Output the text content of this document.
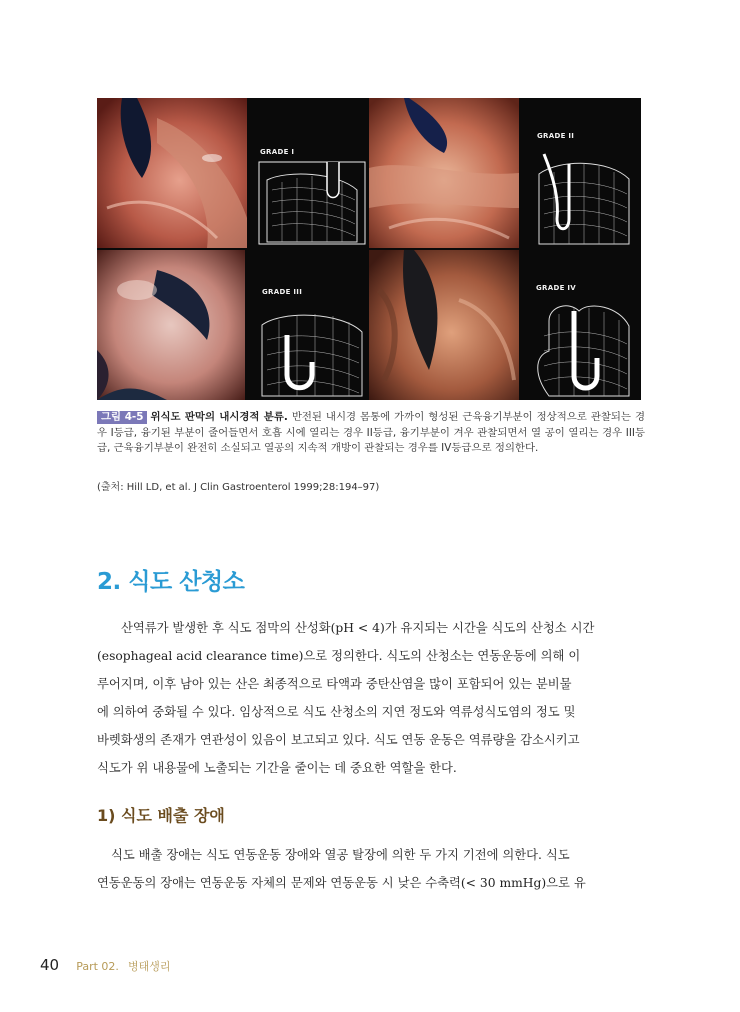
GRADE I
GRADE II
GRADE III	GRADE IV
그림 4-5 위식도 판막의 내시경적 분류. 반전된 내시경 몸통에 가까이 형성된 근육융기부분이 정상적으로 관찰되는 경우 I등급, 융기된 부분이 줄어들면서 호흡 시에 열리는 경우 II등급, 융기부분이 겨우 관찰되면서 열 공이 열리는 경우 III등급, 근육융기부분이 완전히 소실되고 열공의 지속적 개방이 관찰되는 경우를 IV등급으로 정의한다.
(출처: Hill LD, et al. J Clin Gastroenterol 1999;28:194–97)
2. 식도 산청소
산역류가 발생한 후 식도 점막의 산성화(pH < 4)가 유지되는 시간을 식도의 산청소 시간
(esophageal acid clearance time)으로 정의한다. 식도의 산청소는 연동운동에 의해 이
루어지며, 이후 남아 있는 산은 최종적으로 타액과 중탄산염을 많이 포함되어 있는 분비물
에 의하여 중화될 수 있다. 임상적으로 식도 산청소의 지연 정도와 역류성식도염의 정도 및
바렛화생의 존재가 연관성이 있음이 보고되고 있다. 식도 연동 운동은 역류량을 감소시키고
식도가 위 내용물에 노출되는 기간을 줄이는 데 중요한 역할을 한다.
1) 식도 배출 장애
식도 배출 장애는 식도 연동운동 장애와 열공 탈장에 의한 두 가지 기전에 의한다. 식도
연동운동의 장애는 연동운동 자체의 문제와 연동운동 시 낮은 수축력(< 30 mmHg)으로 유
40 Part 02. 병태생리
